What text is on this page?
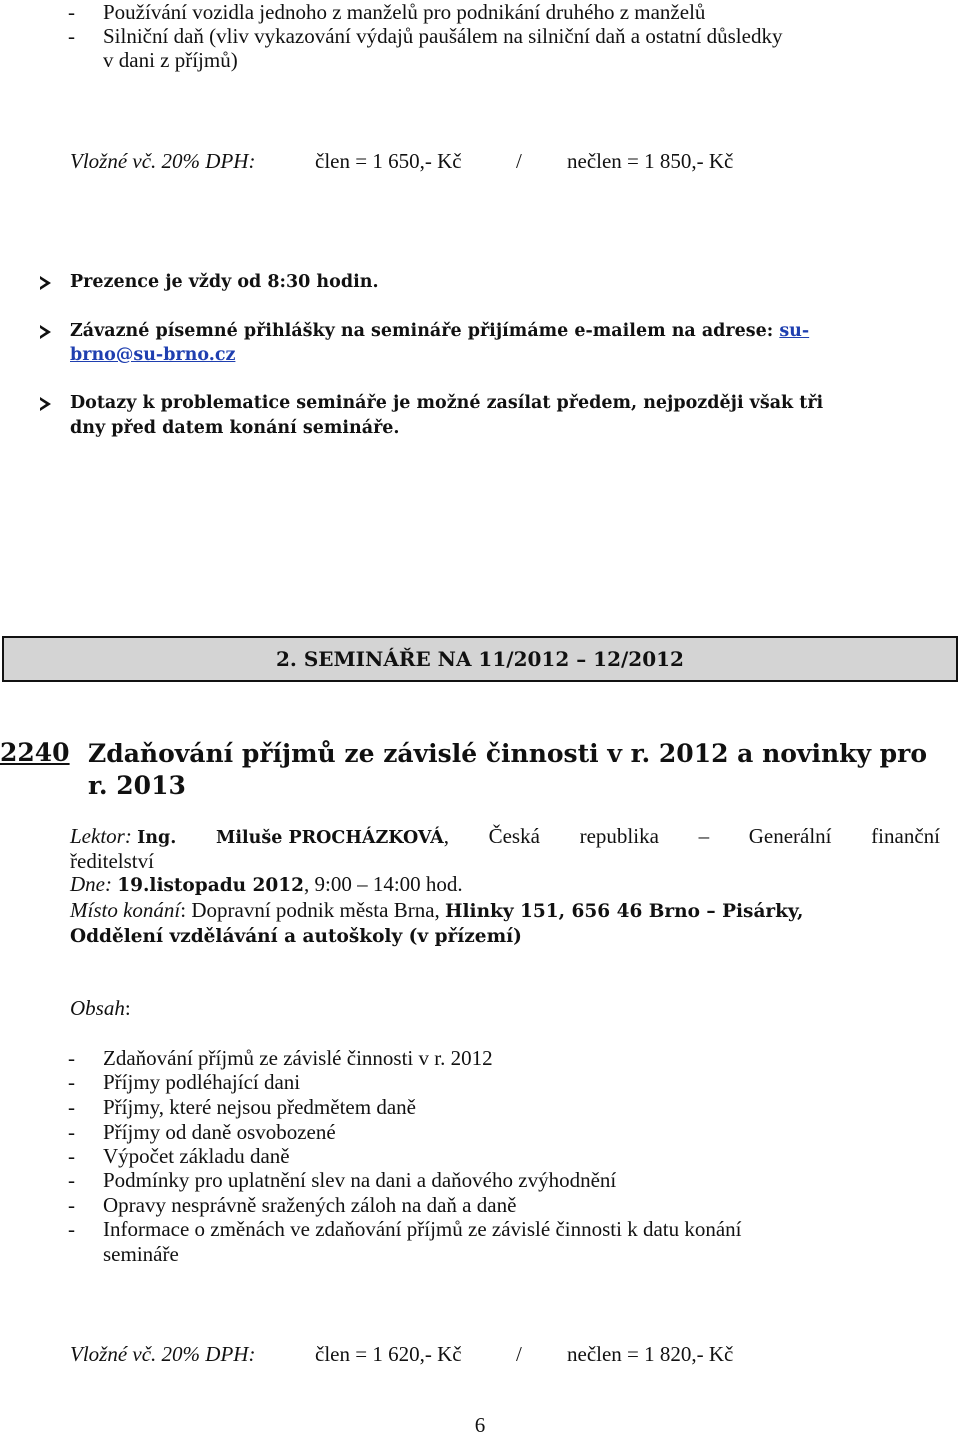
- Používání vozidla jednoho z manželů pro podnikání druhého z manželů
- Silniční daň (vliv vykazování výdajů paušálem na silniční daň a ostatní důsledky
v dani z příjmů)
Vložné vč. 20% DPH:	člen = 1 650,- Kč	/ nečlen = 1 850,- Kč
Prezence je vždy od 8:30 hodin.
Závazné písemné přihlášky na semináře přijímáme e-mailem na adrese: su-
brno@su-brno.cz
Dotazy k problematice semináře je možné zasílat předem, nejpozději však tři
dny před datem konání semináře.
2. SEMINÁŘE NA 11/2012 – 12/2012
2240 Zdaňování příjmů ze závislé činnosti v r. 2012 a novinky pro
r. 2013
Lektor: Ing. Miluše PROCHÁZKOVÁ, Česká republika – Generální finanční
ředitelství
Dne: 19.listopadu 2012, 9:00 – 14:00 hod.
Místo konání: Dopravní podnik města Brna, Hlinky 151, 656 46 Brno – Pisárky,
Oddělení vzdělávání a autoškoly (v přízemí)
Obsah:
- Zdaňování příjmů ze závislé činnosti v r. 2012
- Příjmy podléhající dani
- Příjmy, které nejsou předmětem daně
- Příjmy od daně osvobozené
- Výpočet základu daně
- Podmínky pro uplatnění slev na dani a daňového zvýhodnění
- Opravy nesprávně sražených záloh na daň a daně
- Informace o změnách ve zdaňování příjmů ze závislé činnosti k datu konání
semináře
Vložné vč. 20% DPH:	člen = 1 620,- Kč	/ nečlen = 1 820,- Kč
6
